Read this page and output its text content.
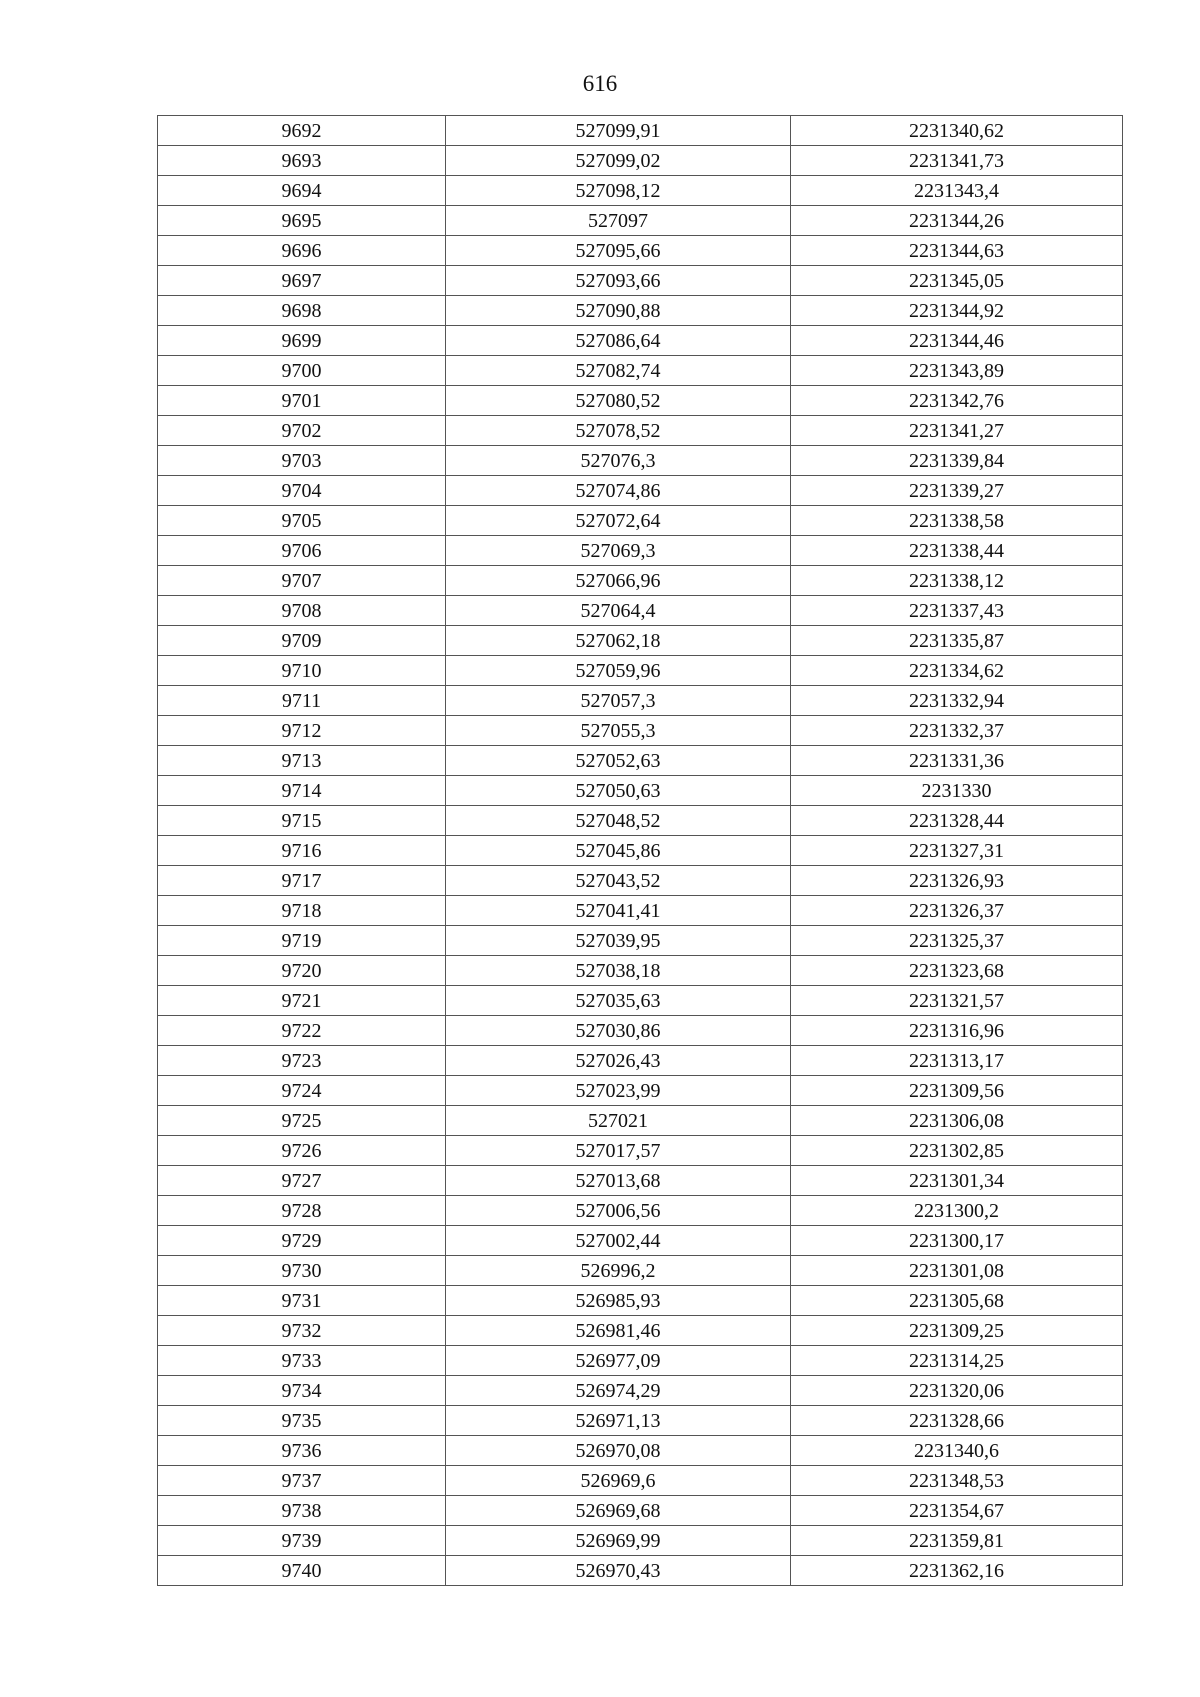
616
9692	527099,91	2231340,62
9693	527099,02	2231341,73
9694	527098,12	2231343,4
9695	527097	2231344,26
9696	527095,66	2231344,63
9697	527093,66	2231345,05
9698	527090,88	2231344,92
9699	527086,64	2231344,46
9700	527082,74	2231343,89
9701	527080,52	2231342,76
9702	527078,52	2231341,27
9703	527076,3	2231339,84
9704	527074,86	2231339,27
9705	527072,64	2231338,58
9706	527069,3	2231338,44
9707	527066,96	2231338,12
9708	527064,4	2231337,43
9709	527062,18	2231335,87
9710	527059,96	2231334,62
9711	527057,3	2231332,94
9712	527055,3	2231332,37
9713	527052,63	2231331,36
9714	527050,63	2231330
9715	527048,52	2231328,44
9716	527045,86	2231327,31
9717	527043,52	2231326,93
9718	527041,41	2231326,37
9719	527039,95	2231325,37
9720	527038,18	2231323,68
9721	527035,63	2231321,57
9722	527030,86	2231316,96
9723	527026,43	2231313,17
9724	527023,99	2231309,56
9725	527021	2231306,08
9726	527017,57	2231302,85
9727	527013,68	2231301,34
9728	527006,56	2231300,2
9729	527002,44	2231300,17
9730	526996,2	2231301,08
9731	526985,93	2231305,68
9732	526981,46	2231309,25
9733	526977,09	2231314,25
9734	526974,29	2231320,06
9735	526971,13	2231328,66
9736	526970,08	2231340,6
9737	526969,6	2231348,53
9738	526969,68	2231354,67
9739	526969,99	2231359,81
9740	526970,43	2231362,16
